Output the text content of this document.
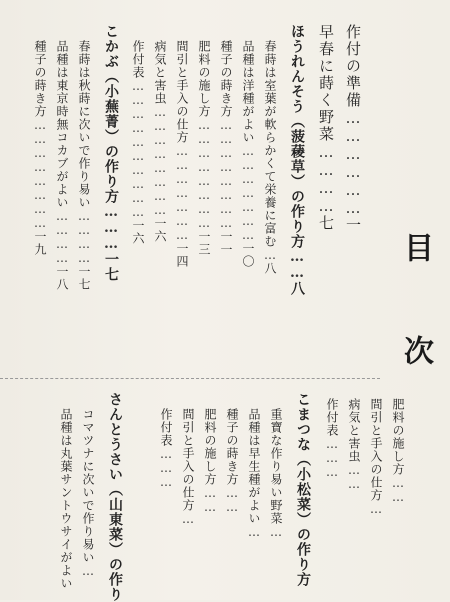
目
次
作付の準備………………一
早春に蒔く野菜…………七
ほうれんそう（菠薐草）の作り方……八
春蒔は室葉が軟らかくて栄養に富む…八
品種は洋種がよい…………………一〇
種子の蒔き方……………………一一
肥料の施し方……………………一三
間引と手入の仕方…………………一四
病気と害虫……………………一六
作付表…………………………一六
こかぶ（小蕪菁）の作り方………一七
春蒔は秋蒔に次いで作り易い…………一七
品種は東京時無コカブがよい…………一八
種子の蒔き方……………………一九
肥料の施し方……
間引と手入の仕方…
病気と害虫……
作付表………
こまつな（小松菜）の作り方
重寶な作り易い野菜…
品種は早生種がよい…
種子の蒔き方……
肥料の施し方……
間引と手入の仕方…
作付表………
さんとうさい（山東菜）の作り
コマツナに次いで作り易い…
品種は丸葉サントウサイがよい
